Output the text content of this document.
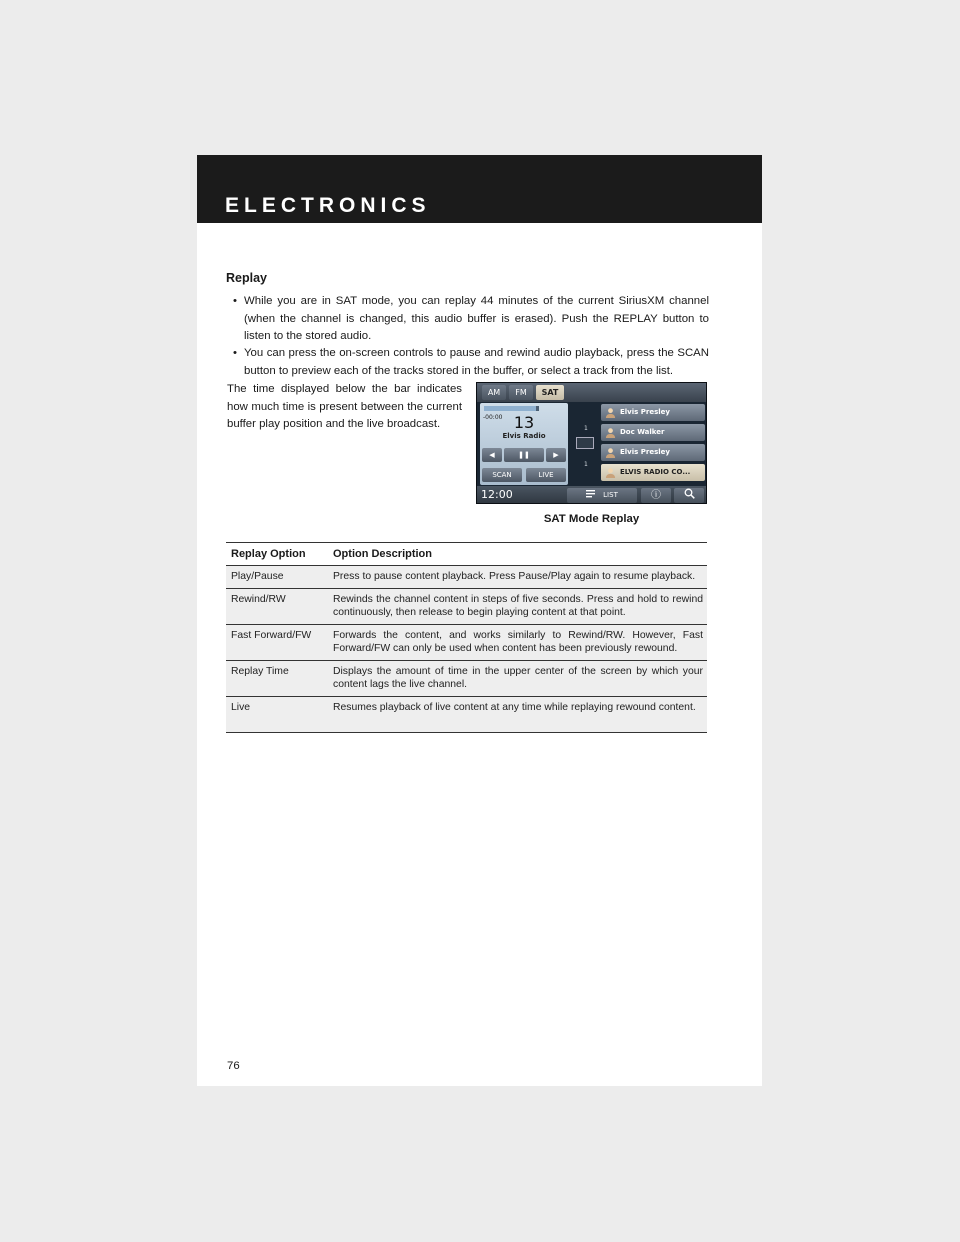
ELECTRONICS
Replay
• While you are in SAT mode, you can replay 44 minutes of the current SiriusXM channel (when the channel is changed, this audio buffer is erased). Push the REPLAY button to listen to the stored audio.
• You can press the on-screen controls to pause and rewind audio playback, press the SCAN button to preview each of the tracks stored in the buffer, or select a track from the list.
The time displayed below the bar indicates how much time is present between the current buffer play position and the live broadcast.
AM	FM	SAT
-00:00 13
Elvis Radio
◀	❚❚	▶
SCAN	LIVE
1
1
Elvis Presley
Doc Walker
Elvis Presley
ELVIS RADIO CO...
12:00	LIST	ⓘ
SAT Mode Replay
Replay Option	Option Description
Play/Pause	Press to pause content playback. Press Pause/Play again to resume playback.
Rewind/RW	Rewinds the channel content in steps of five seconds. Press and hold to rewind continuously, then release to begin playing content at that point.
Fast Forward/FW	Forwards the content, and works similarly to Rewind/RW. However, Fast Forward/FW can only be used when content has been previously rewound.
Replay Time	Displays the amount of time in the upper center of the screen by which your content lags the live channel.
Live	Resumes playback of live content at any time while replaying rewound content.
76
